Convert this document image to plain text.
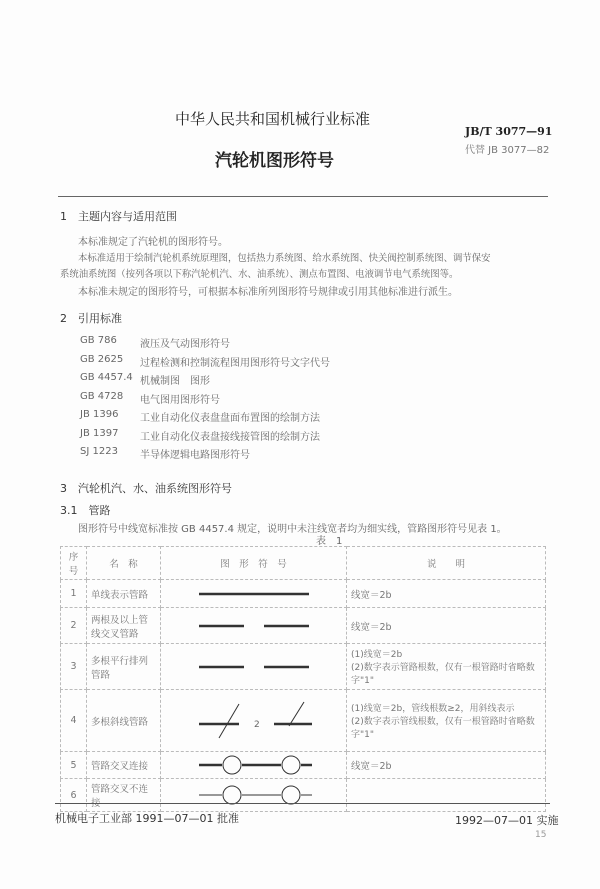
中华人民共和国机械行业标准
JB/T 3077—91
代替 JB 3077—82
汽轮机图形符号
1　主题内容与适用范围
本标准规定了汽轮机的图形符号。
本标准适用于绘制汽轮机系统原理图，包括热力系统图、给水系统图、快关阀控制系统图、调节保安
系统油系统图（按列各项以下称汽轮机汽、水、油系统）、测点布置图、电液调节电气系统图等。
本标准未规定的图形符号，可根据本标准所列图形符号规律或引用其他标准进行派生。
2　引用标准
GB 786 液压及气动图形符号
GB 2625 过程检测和控制流程图用图形符号文字代号
GB 4457.4 机械制图　图形
GB 4728 电气图用图形符号
JB 1396 工业自动化仪表盘盘面布置图的绘制方法
JB 1397 工业自动化仪表盘接线接管图的绘制方法
SJ 1223 半导体逻辑电路图形符号
3　汽轮机汽、水、油系统图形符号
3.1　管路
图形符号中线宽标准按 GB 4457.4 规定，说明中未注线宽者均为细实线，管路图形符号见表 1。
表　1
序号	名　称	图　形　符　号	说　　明
1	单线表示管路		线宽＝2b
2	两根及以上管线交叉管路		线宽＝2b
3	多根平行排列管路		(1)线宽＝2b
(2)数字表示管路根数，仅有一根管路时省略数字"1"
4	多根斜线管路	2	(1)线宽＝2b，管线根数≥2，用斜线表示
(2)数字表示管线根数，仅有一根管路时省略数字"1"
5	管路交叉连接		线宽＝2b
6	管路交叉不连接	

机械电子工业部 1991—07—01 批准	1992—07—01 实施
15
